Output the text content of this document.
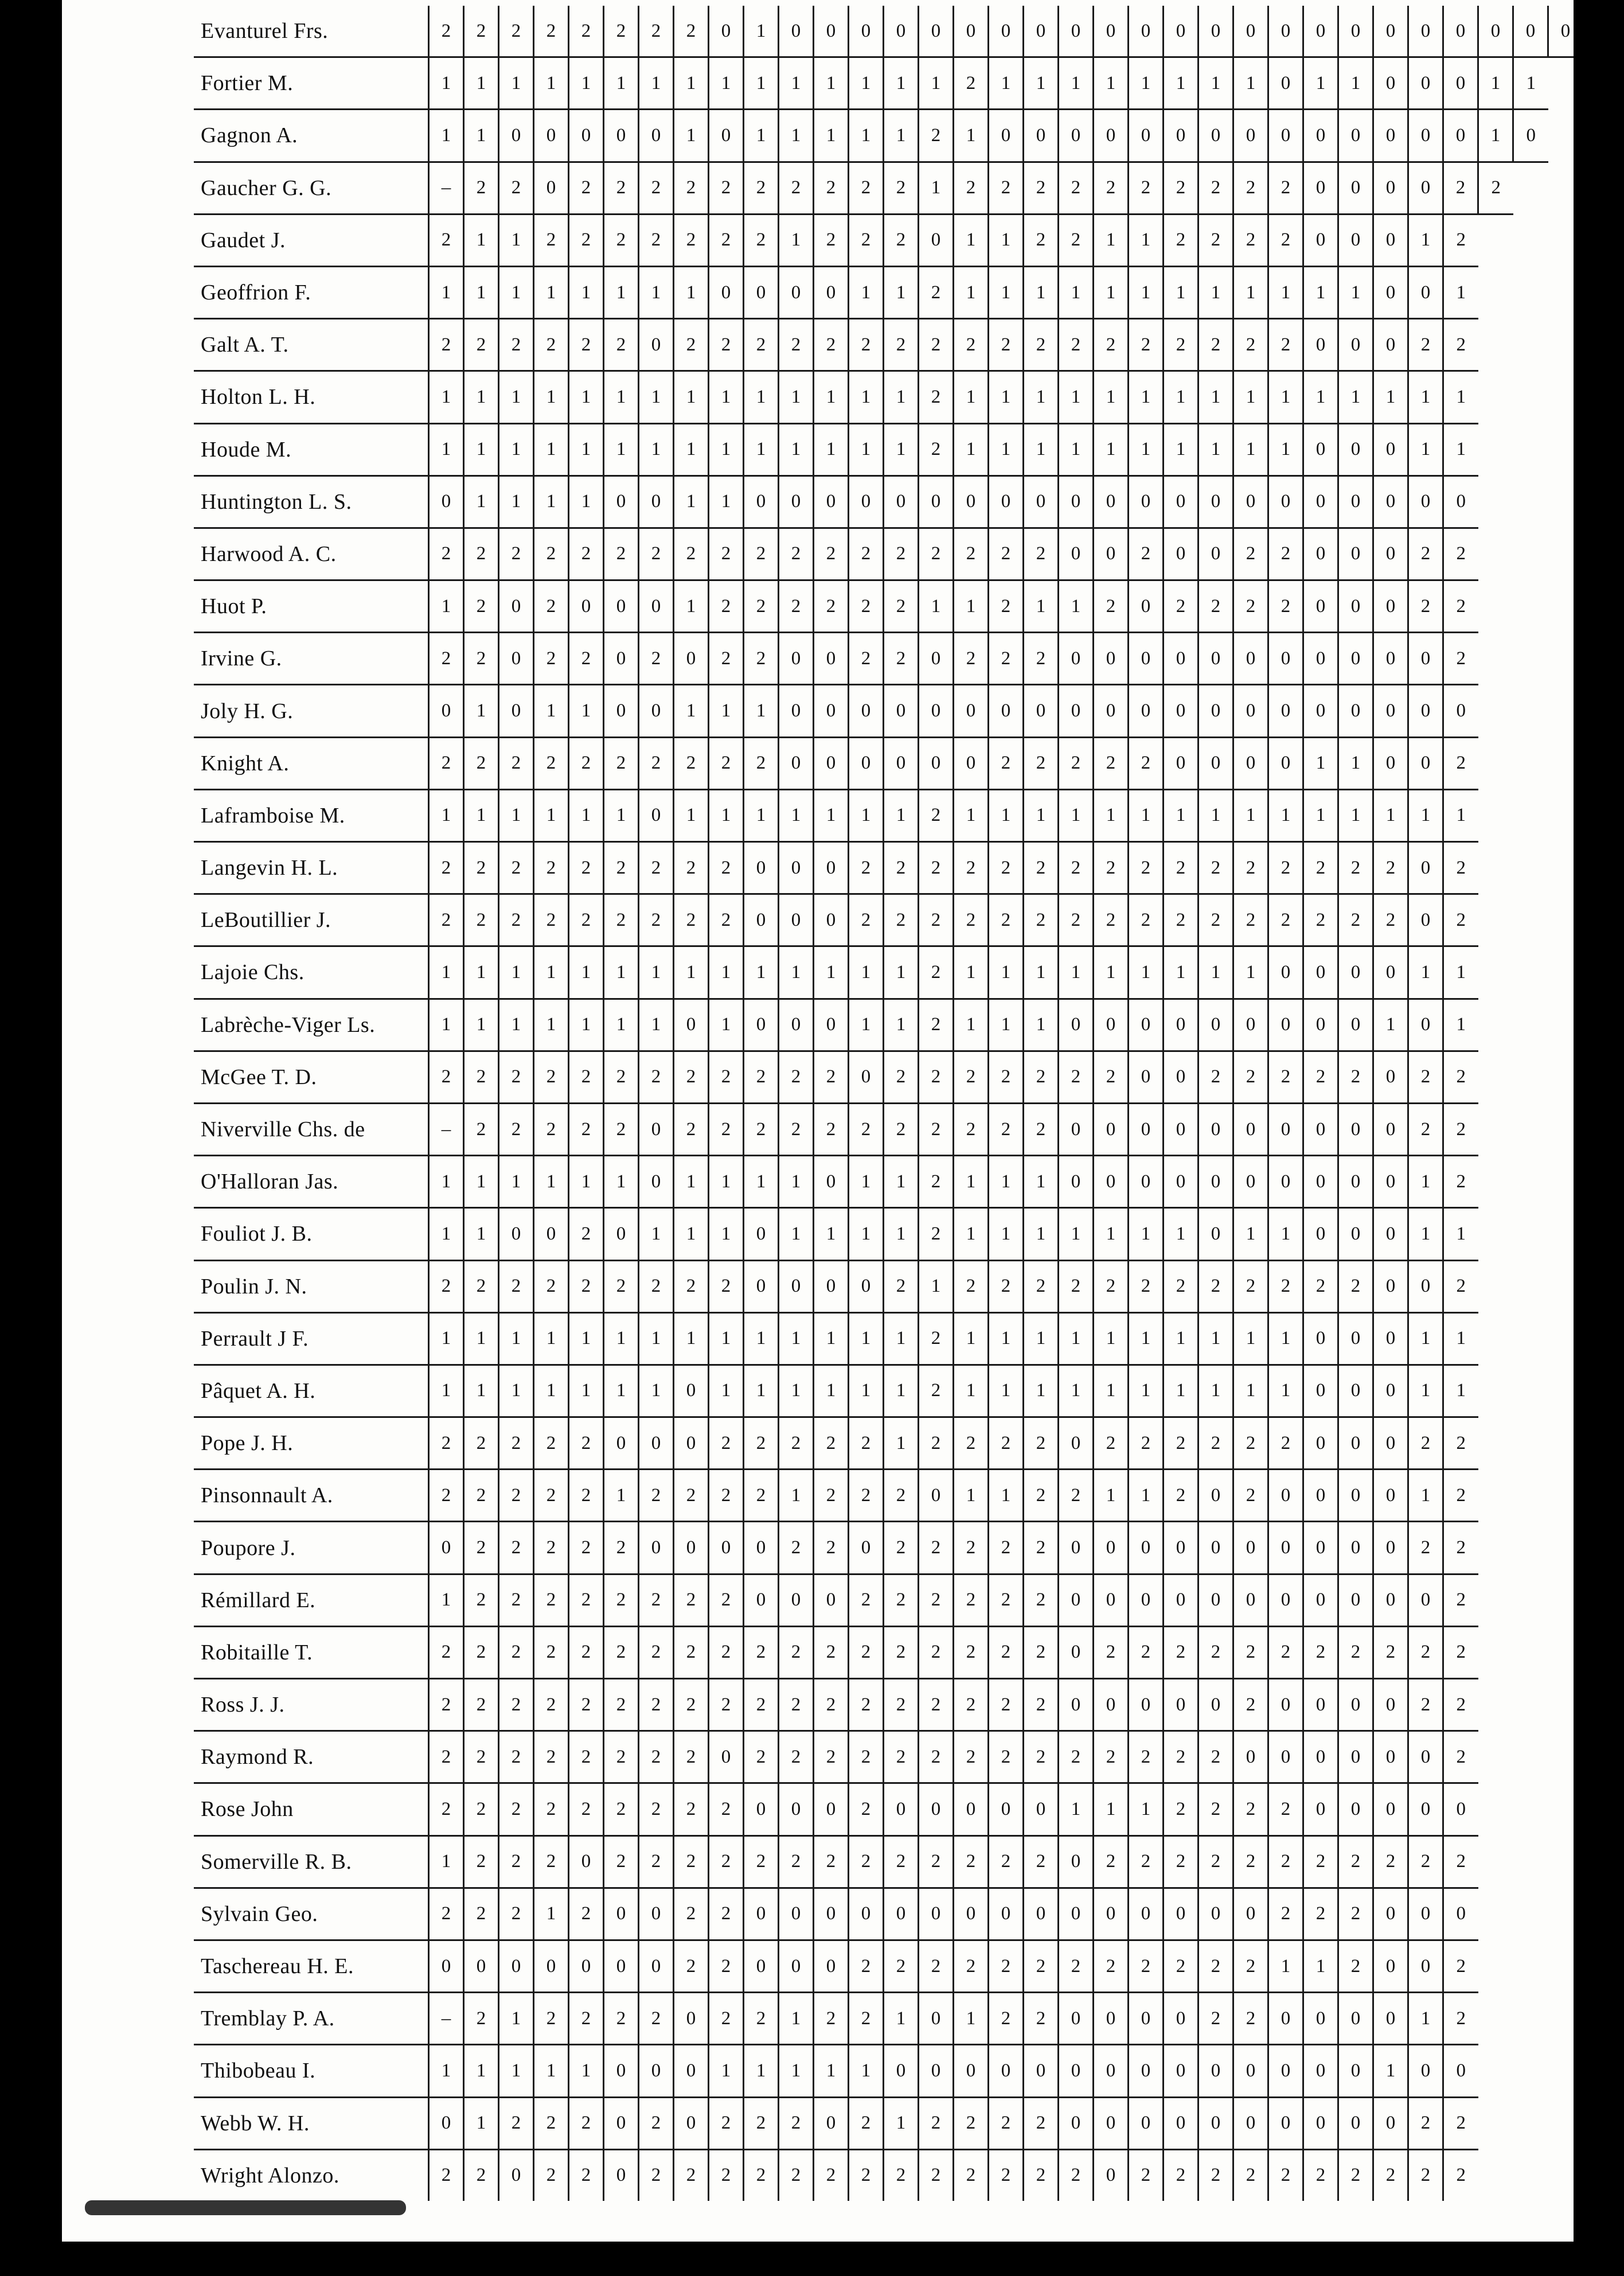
Evanturel Frs.	2	2	2	2	2	2	2	2	0	1	0	0	0	0	0	0	0	0	0	0	0	0	0	0	0	0	0	0	0	0	0	0	0
Fortier M.	1	1	1	1	1	1	1	1	1	1	1	1	1	1	1	2	1	1	1	1	1	1	1	1	0	1	1	0	0	0	1	1	
Gagnon A.	1	1	0	0	0	0	0	1	0	1	1	1	1	1	2	1	0	0	0	0	0	0	0	0	0	0	0	0	0	0	1	0	
Gaucher G. G.	–	2	2	0	2	2	2	2	2	2	2	2	2	2	1	2	2	2	2	2	2	2	2	2	2	0	0	0	0	2	2		
Gaudet J.	2	1	1	2	2	2	2	2	2	2	1	2	2	2	0	1	1	2	2	1	1	2	2	2	2	0	0	0	1	2			
Geoffrion F.	1	1	1	1	1	1	1	1	0	0	0	0	1	1	2	1	1	1	1	1	1	1	1	1	1	1	1	0	0	1			
Galt A. T.	2	2	2	2	2	2	0	2	2	2	2	2	2	2	2	2	2	2	2	2	2	2	2	2	2	0	0	0	2	2			
Holton L. H.	1	1	1	1	1	1	1	1	1	1	1	1	1	1	2	1	1	1	1	1	1	1	1	1	1	1	1	1	1	1			
Houde M.	1	1	1	1	1	1	1	1	1	1	1	1	1	1	2	1	1	1	1	1	1	1	1	1	1	0	0	0	1	1			
Huntington L. S.	0	1	1	1	1	0	0	1	1	0	0	0	0	0	0	0	0	0	0	0	0	0	0	0	0	0	0	0	0	0			
Harwood A. C.	2	2	2	2	2	2	2	2	2	2	2	2	2	2	2	2	2	2	0	0	2	0	0	2	2	0	0	0	2	2			
Huot P.	1	2	0	2	0	0	0	1	2	2	2	2	2	2	1	1	2	1	1	2	0	2	2	2	2	0	0	0	2	2			
Irvine G.	2	2	0	2	2	0	2	0	2	2	0	0	2	2	0	2	2	2	0	0	0	0	0	0	0	0	0	0	0	2			
Joly H. G.	0	1	0	1	1	0	0	1	1	1	0	0	0	0	0	0	0	0	0	0	0	0	0	0	0	0	0	0	0	0			
Knight A.	2	2	2	2	2	2	2	2	2	2	0	0	0	0	0	0	2	2	2	2	2	0	0	0	0	1	1	0	0	2			
Laframboise M.	1	1	1	1	1	1	0	1	1	1	1	1	1	1	2	1	1	1	1	1	1	1	1	1	1	1	1	1	1	1			
Langevin H. L.	2	2	2	2	2	2	2	2	2	0	0	0	2	2	2	2	2	2	2	2	2	2	2	2	2	2	2	2	0	2			
LeBoutillier J.	2	2	2	2	2	2	2	2	2	0	0	0	2	2	2	2	2	2	2	2	2	2	2	2	2	2	2	2	0	2			
Lajoie Chs.	1	1	1	1	1	1	1	1	1	1	1	1	1	1	2	1	1	1	1	1	1	1	1	1	0	0	0	0	1	1			
Labrèche-Viger Ls.	1	1	1	1	1	1	1	0	1	0	0	0	1	1	2	1	1	1	0	0	0	0	0	0	0	0	0	1	0	1			
McGee T. D.	2	2	2	2	2	2	2	2	2	2	2	2	0	2	2	2	2	2	2	2	0	0	2	2	2	2	2	0	2	2			
Niverville Chs. de	–	2	2	2	2	2	0	2	2	2	2	2	2	2	2	2	2	2	0	0	0	0	0	0	0	0	0	0	2	2			
O'Halloran Jas.	1	1	1	1	1	1	0	1	1	1	1	0	1	1	2	1	1	1	0	0	0	0	0	0	0	0	0	0	1	2			
Fouliot J. B.	1	1	0	0	2	0	1	1	1	0	1	1	1	1	2	1	1	1	1	1	1	1	0	1	1	0	0	0	1	1			
Poulin J. N.	2	2	2	2	2	2	2	2	2	0	0	0	0	2	1	2	2	2	2	2	2	2	2	2	2	2	2	0	0	2			
Perrault J F.	1	1	1	1	1	1	1	1	1	1	1	1	1	1	2	1	1	1	1	1	1	1	1	1	1	0	0	0	1	1			
Pâquet A. H.	1	1	1	1	1	1	1	0	1	1	1	1	1	1	2	1	1	1	1	1	1	1	1	1	1	0	0	0	1	1			
Pope J. H.	2	2	2	2	2	0	0	0	2	2	2	2	2	1	2	2	2	2	0	2	2	2	2	2	2	0	0	0	2	2			
Pinsonnault A.	2	2	2	2	2	1	2	2	2	2	1	2	2	2	0	1	1	2	2	1	1	2	0	2	0	0	0	0	1	2			
Poupore J.	0	2	2	2	2	2	0	0	0	0	2	2	0	2	2	2	2	2	0	0	0	0	0	0	0	0	0	0	2	2			
Rémillard E.	1	2	2	2	2	2	2	2	2	0	0	0	2	2	2	2	2	2	0	0	0	0	0	0	0	0	0	0	0	2			
Robitaille T.	2	2	2	2	2	2	2	2	2	2	2	2	2	2	2	2	2	2	0	2	2	2	2	2	2	2	2	2	2	2			
Ross J. J.	2	2	2	2	2	2	2	2	2	2	2	2	2	2	2	2	2	2	0	0	0	0	0	2	0	0	0	0	2	2			
Raymond R.	2	2	2	2	2	2	2	2	0	2	2	2	2	2	2	2	2	2	2	2	2	2	2	0	0	0	0	0	0	2			
Rose John	2	2	2	2	2	2	2	2	2	0	0	0	2	0	0	0	0	0	1	1	1	2	2	2	2	0	0	0	0	0			
Somerville R. B.	1	2	2	2	0	2	2	2	2	2	2	2	2	2	2	2	2	2	0	2	2	2	2	2	2	2	2	2	2	2			
Sylvain Geo.	2	2	2	1	2	0	0	2	2	0	0	0	0	0	0	0	0	0	0	0	0	0	0	0	2	2	2	0	0	0			
Taschereau H. E.	0	0	0	0	0	0	0	2	2	0	0	0	2	2	2	2	2	2	2	2	2	2	2	2	1	1	2	0	0	2			
Tremblay P. A.	–	2	1	2	2	2	2	0	2	2	1	2	2	1	0	1	2	2	0	0	0	0	2	2	0	0	0	0	1	2			
Thibobeau I.	1	1	1	1	1	0	0	0	1	1	1	1	1	0	0	0	0	0	0	0	0	0	0	0	0	0	0	1	0	0			
Webb W. H.	0	1	2	2	2	0	2	0	2	2	2	0	2	1	2	2	2	2	0	0	0	0	0	0	0	0	0	0	2	2			
Wright Alonzo.	2	2	0	2	2	0	2	2	2	2	2	2	2	2	2	2	2	2	2	0	2	2	2	2	2	2	2	2	2	2			
